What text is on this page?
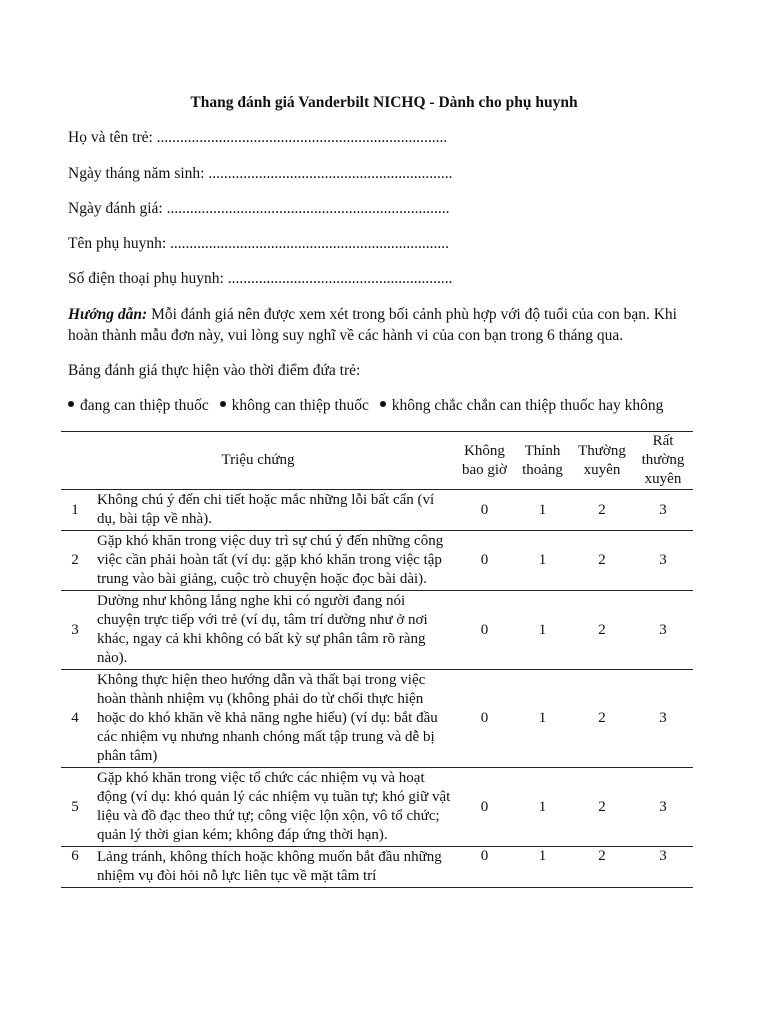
Thang đánh giá Vanderbilt NICHQ - Dành cho phụ huynh
Họ và tên trẻ: ...........................................................................
Ngày tháng năm sinh: ...............................................................
Ngày đánh giá: .........................................................................
Tên phụ huynh: ........................................................................
Số điện thoại phụ huynh: ..........................................................
Hướng dẫn: Mỗi đánh giá nên được xem xét trong bối cảnh phù hợp với độ tuổi của con bạn. Khi hoàn thành mẫu đơn này, vui lòng suy nghĩ về các hành vi của con bạn trong 6 tháng qua.
Bảng đánh giá thực hiện vào thời điểm đứa trẻ:
đang can thiệp thuốc không can thiệp thuốc không chắc chắn can thiệp thuốc hay không
Triệu chứng		Không bao giờ	Thỉnh thoảng	Thường xuyên	Rất thường xuyên
1	Không chú ý đến chi tiết hoặc mắc những lỗi bất cẩn (ví dụ, bài tập về nhà).	0	1	2	3
2	Gặp khó khăn trong việc duy trì sự chú ý đến những công việc cần phải hoàn tất (ví dụ: gặp khó khăn trong việc tập trung vào bài giảng, cuộc trò chuyện hoặc đọc bài dài).	0	1	2	3
3	Dường như không lắng nghe khi có người đang nói chuyện trực tiếp với trẻ (ví dụ, tâm trí dường như ở nơi khác, ngay cả khi không có bất kỳ sự phân tâm rõ ràng nào).	0	1	2	3
4	Không thực hiện theo hướng dẫn và thất bại trong việc hoàn thành nhiệm vụ (không phải do từ chối thực hiện hoặc do khó khăn về khả năng nghe hiểu) (ví dụ: bắt đầu các nhiệm vụ nhưng nhanh chóng mất tập trung và dễ bị phân tâm)	0	1	2	3
5	Gặp khó khăn trong việc tổ chức các nhiệm vụ và hoạt động (ví dụ: khó quản lý các nhiệm vụ tuần tự; khó giữ vật liệu và đồ đạc theo thứ tự; công việc lộn xộn, vô tổ chức; quản lý thời gian kém; không đáp ứng thời hạn).	0	1	2	3
6	Lảng tránh, không thích hoặc không muốn bắt đầu những nhiệm vụ đòi hỏi nỗ lực liên tục về mặt tâm trí	0	1	2	3
